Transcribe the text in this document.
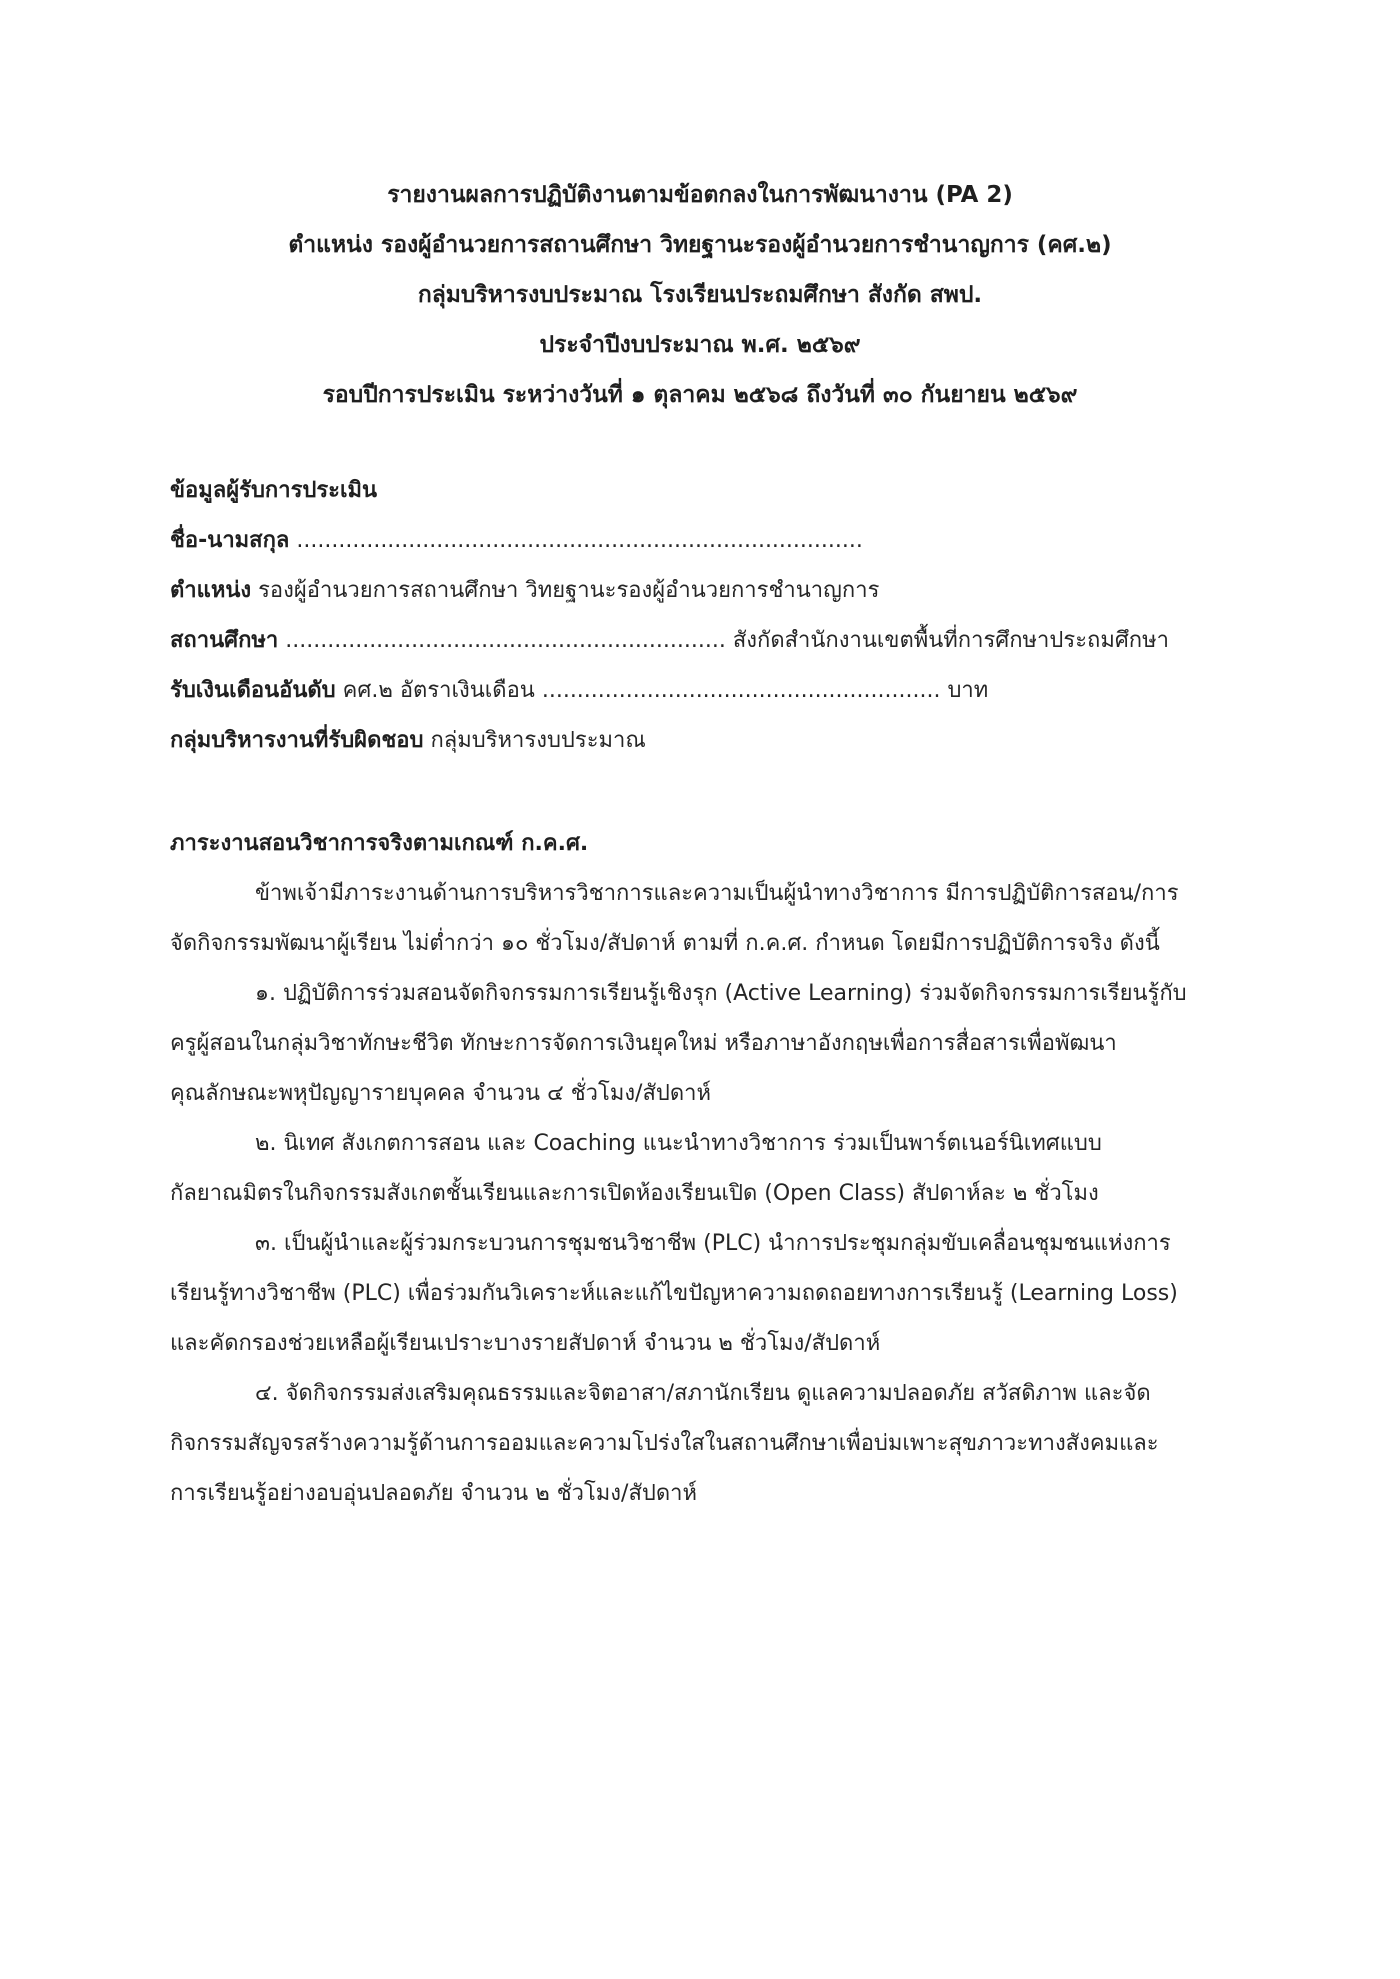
รายงานผลการปฏิบัติงานตามข้อตกลงในการพัฒนางาน (PA 2)
ตำแหน่ง รองผู้อำนวยการสถานศึกษา วิทยฐานะรองผู้อำนวยการชำนาญการ (คศ.๒)
กลุ่มบริหารงบประมาณ โรงเรียนประถมศึกษา สังกัด สพป.
ประจำปีงบประมาณ พ.ศ. ๒๕๖๙
รอบปีการประเมิน ระหว่างวันที่ ๑ ตุลาคม ๒๕๖๘ ถึงวันที่ ๓๐ กันยายน ๒๕๖๙
ข้อมูลผู้รับการประเมิน
ชื่อ-นามสกุล .................................................................................
ตำแหน่ง รองผู้อำนวยการสถานศึกษา วิทยฐานะรองผู้อำนวยการชำนาญการ
สถานศึกษา ............................................................... สังกัดสำนักงานเขตพื้นที่การศึกษาประถมศึกษา
รับเงินเดือนอันดับ คศ.๒ อัตราเงินเดือน ......................................................... บาท
กลุ่มบริหารงานที่รับผิดชอบ กลุ่มบริหารงบประมาณ
ภาระงานสอนวิชาการจริงตามเกณฑ์ ก.ค.ศ.

ข้าพเจ้ามีภาระงานด้านการบริหารวิชาการและความเป็นผู้นำทางวิชาการ มีการปฏิบัติการสอน/การ
จัดกิจกรรมพัฒนาผู้เรียน ไม่ต่ำกว่า ๑๐ ชั่วโมง/สัปดาห์ ตามที่ ก.ค.ศ. กำหนด โดยมีการปฏิบัติการจริง ดังนี้

๑. ปฏิบัติการร่วมสอนจัดกิจกรรมการเรียนรู้เชิงรุก (Active Learning) ร่วมจัดกิจกรรมการเรียนรู้กับ
ครูผู้สอนในกลุ่มวิชาทักษะชีวิต ทักษะการจัดการเงินยุคใหม่ หรือภาษาอังกฤษเพื่อการสื่อสารเพื่อพัฒนา
คุณลักษณะพหุปัญญารายบุคคล จำนวน ๔ ชั่วโมง/สัปดาห์

๒. นิเทศ สังเกตการสอน และ Coaching แนะนำทางวิชาการ ร่วมเป็นพาร์ตเนอร์นิเทศแบบ
กัลยาณมิตรในกิจกรรมสังเกตชั้นเรียนและการเปิดห้องเรียนเปิด (Open Class) สัปดาห์ละ ๒ ชั่วโมง

๓. เป็นผู้นำและผู้ร่วมกระบวนการชุมชนวิชาชีพ (PLC) นำการประชุมกลุ่มขับเคลื่อนชุมชนแห่งการ
เรียนรู้ทางวิชาชีพ (PLC) เพื่อร่วมกันวิเคราะห์และแก้ไขปัญหาความถดถอยทางการเรียนรู้ (Learning Loss)
และคัดกรองช่วยเหลือผู้เรียนเปราะบางรายสัปดาห์ จำนวน ๒ ชั่วโมง/สัปดาห์

๔. จัดกิจกรรมส่งเสริมคุณธรรมและจิตอาสา/สภานักเรียน ดูแลความปลอดภัย สวัสดิภาพ และจัด
กิจกรรมสัญจรสร้างความรู้ด้านการออมและความโปร่งใสในสถานศึกษาเพื่อบ่มเพาะสุขภาวะทางสังคมและ
การเรียนรู้อย่างอบอุ่นปลอดภัย จำนวน ๒ ชั่วโมง/สัปดาห์
